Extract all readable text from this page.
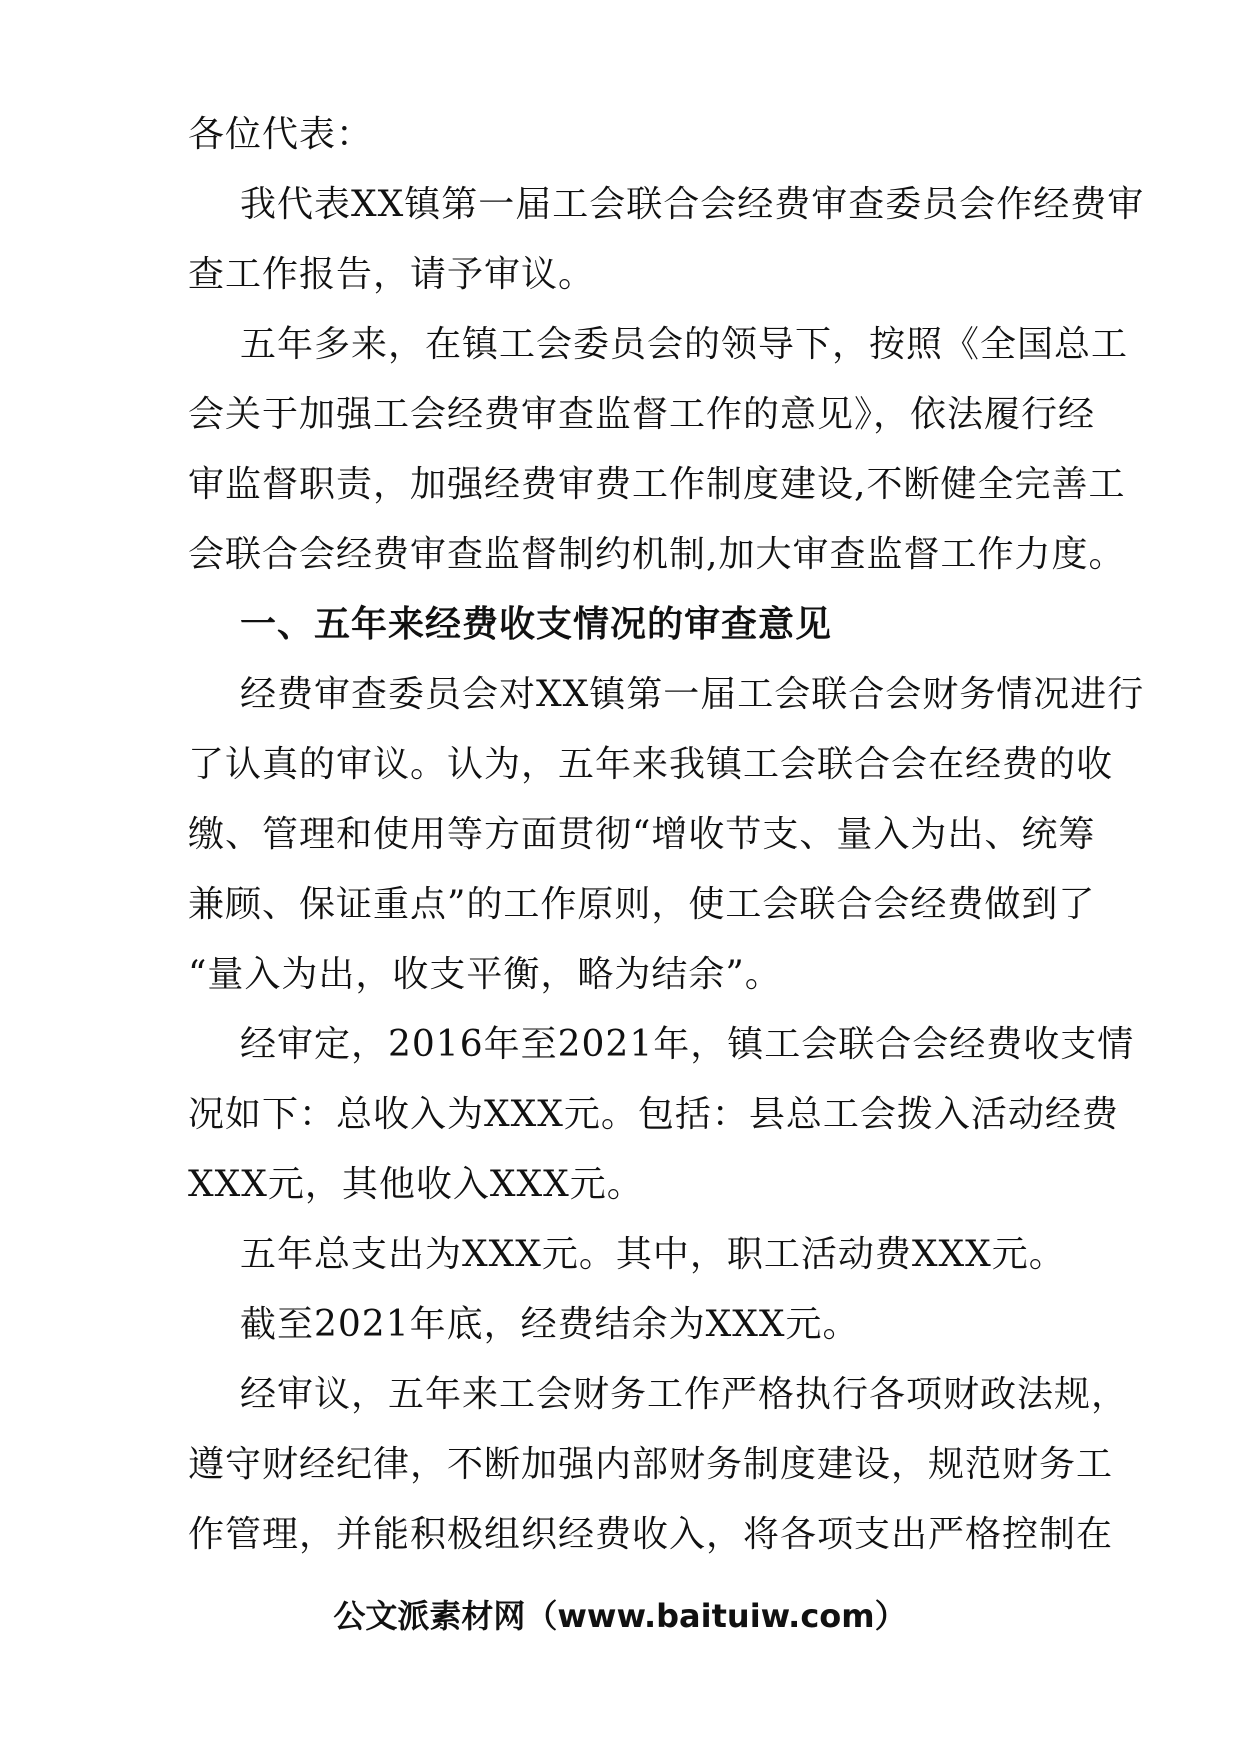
各位代表：
我代表XX镇第一届工会联合会经费审查委员会作经费审
查工作报告，请予审议。
五年多来，在镇工会委员会的领导下，按照《全国总工
会关于加强工会经费审查监督工作的意见》，依法履行经
审监督职责，加强经费审费工作制度建设,不断健全完善工
会联合会经费审查监督制约机制,加大审查监督工作力度。
一、五年来经费收支情况的审查意见
经费审查委员会对XX镇第一届工会联合会财务情况进行
了认真的审议。认为，五年来我镇工会联合会在经费的收
缴、管理和使用等方面贯彻“增收节支、量入为出、统筹
兼顾、保证重点”的工作原则，使工会联合会经费做到了
“量入为出，收支平衡，略为结余”。
经审定，2016年至2021年，镇工会联合会经费收支情
况如下：总收入为XXX元。包括：县总工会拨入活动经费
XXX元，其他收入XXX元。
五年总支出为XXX元。其中，职工活动费XXX元。
截至2021年底，经费结余为XXX元。
经审议，五年来工会财务工作严格执行各项财政法规，
遵守财经纪律，不断加强内部财务制度建设，规范财务工
作管理，并能积极组织经费收入，将各项支出严格控制在
公文派素材网（www.baituiw.com）
